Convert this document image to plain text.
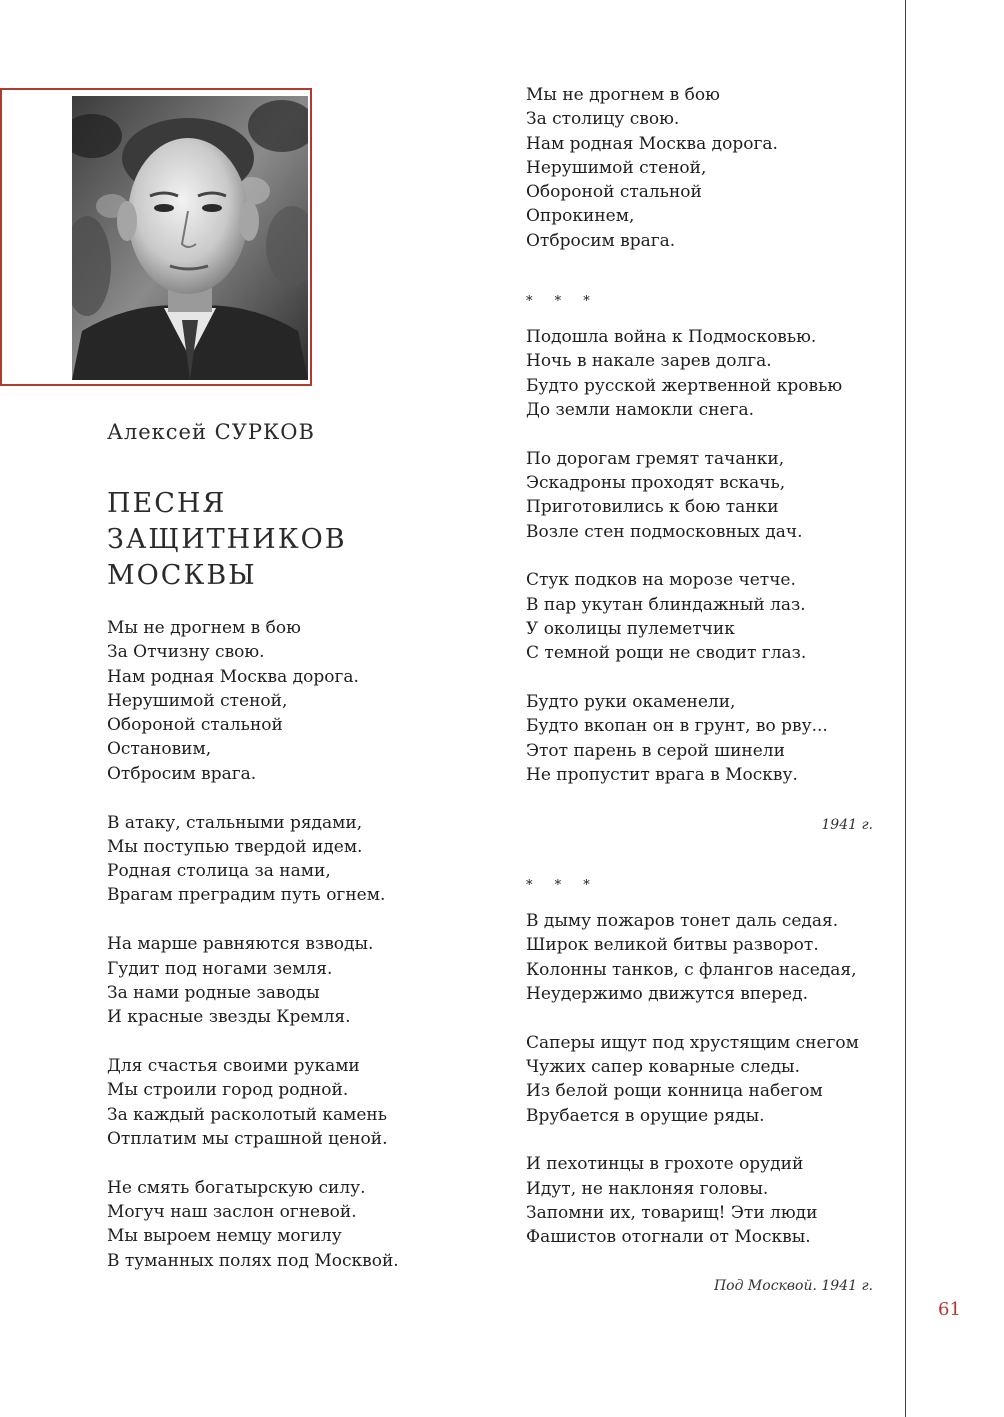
Алексей СУРКОВ
ПЕСНЯ
ЗАЩИТНИКОВ
МОСКВЫ
Мы не дрогнем в бою
За Отчизну свою.
Нам родная Москва дорога.
Нерушимой стеной,
Обороной стальной
Остановим,
Отбросим врага.
В атаку, стальными рядами,
Мы поступью твердой идем.
Родная столица за нами,
Врагам преградим путь огнем.
На марше равняются взводы.
Гудит под ногами земля.
За нами родные заводы
И красные звезды Кремля.
Для счастья своими руками
Мы строили город родной.
За каждый расколотый камень
Отплатим мы страшной ценой.
Не смять богатырскую силу.
Могуч наш заслон огневой.
Мы выроем немцу могилу
В туманных полях под Москвой.
Мы не дрогнем в бою
За столицу свою.
Нам родная Москва дорога.
Нерушимой стеной,
Обороной стальной
Опрокинем,
Отбросим врага.
* * *
Подошла война к Подмосковью.
Ночь в накале зарев долга.
Будто русской жертвенной кровью
До земли намокли снега.
По дорогам гремят тачанки,
Эскадроны проходят вскачь,
Приготовились к бою танки
Возле стен подмосковных дач.
Стук подков на морозе четче.
В пар укутан блиндажный лаз.
У околицы пулеметчик
С темной рощи не сводит глаз.
Будто руки окаменели,
Будто вкопан он в грунт, во рву...
Этот парень в серой шинели
Не пропустит врага в Москву.
1941 г.
* * *
В дыму пожаров тонет даль седая.
Широк великой битвы разворот.
Колонны танков, с флангов наседая,
Неудержимо движутся вперед.
Саперы ищут под хрустящим снегом
Чужих сапер коварные следы.
Из белой рощи конница набегом
Врубается в орущие ряды.
И пехотинцы в грохоте орудий
Идут, не наклоняя головы.
Запомни их, товарищ! Эти люди
Фашистов отогнали от Москвы.
Под Москвой. 1941 г.
61
